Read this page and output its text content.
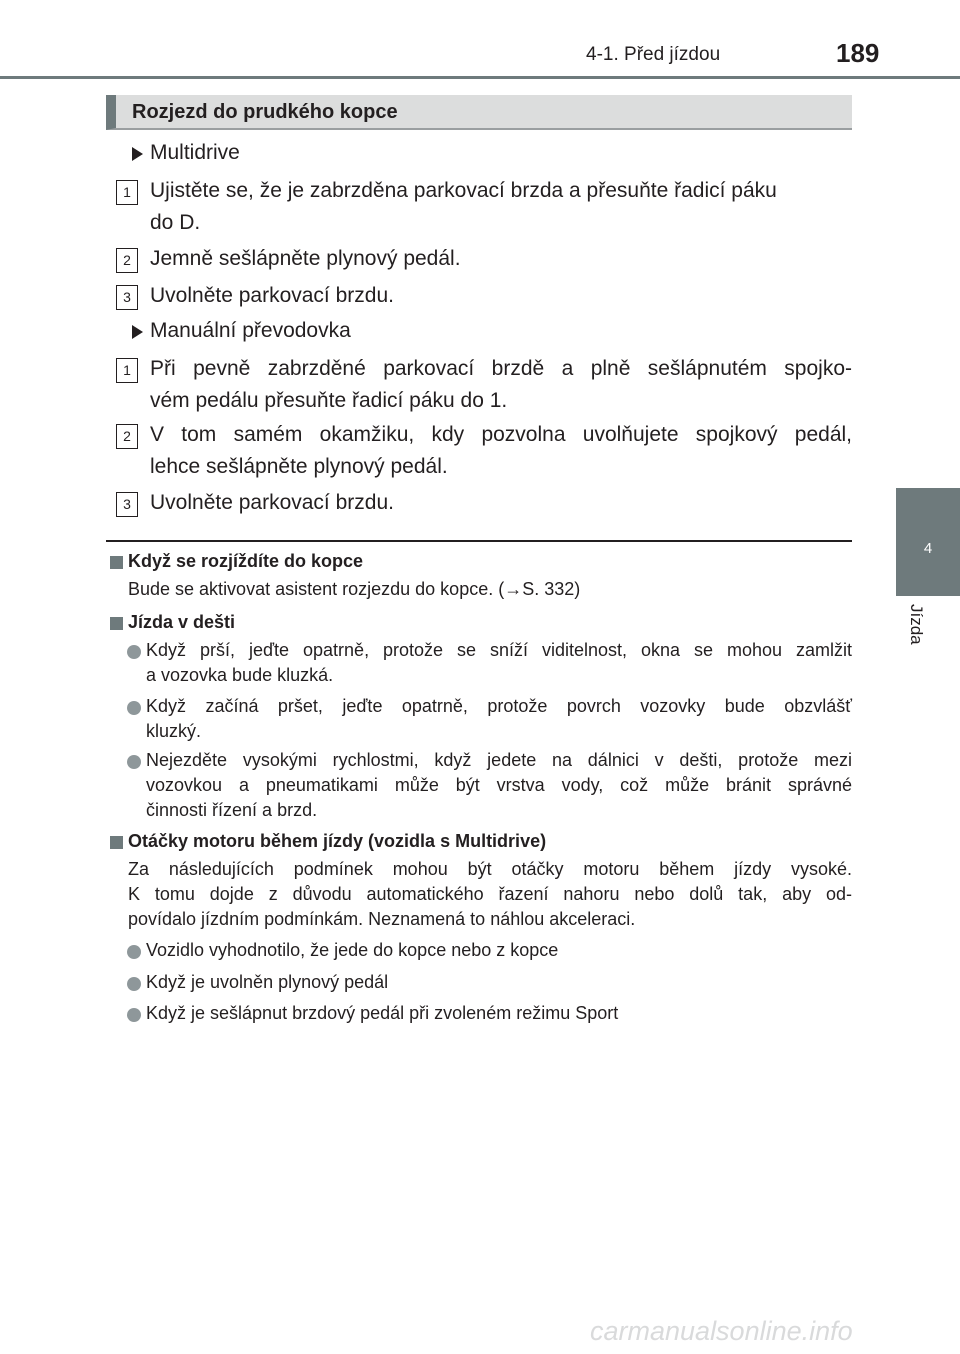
4-1. Před jízdou	189
4
Jízda
Rozjezd do prudkého kopce
Multidrive
1 Ujistěte se, že je zabrzděna parkovací brzda a přesuňte řadicí páku
do D.
2 Jemně sešlápněte plynový pedál.
3 Uvolněte parkovací brzdu.
Manuální převodovka
1 Při pevně zabrzděné parkovací brzdě a plně sešlápnutém spojko-
vém pedálu přesuňte řadicí páku do 1.
2 V tom samém okamžiku, kdy pozvolna uvolňujete spojkový pedál,
lehce sešlápněte plynový pedál.
3 Uvolněte parkovací brzdu.
Když se rozjíždíte do kopce
Bude se aktivovat asistent rozjezdu do kopce. (→S. 332)
Jízda v dešti
Když prší, jeďte opatrně, protože se sníží viditelnost, okna se mohou zamlžit
a vozovka bude kluzká.
Když začíná pršet, jeďte opatrně, protože povrch vozovky bude obzvlášť
kluzký.
Nejezděte vysokými rychlostmi, když jedete na dálnici v dešti, protože mezi
vozovkou a pneumatikami může být vrstva vody, což může bránit správné
činnosti řízení a brzd.
Otáčky motoru během jízdy (vozidla s Multidrive)
Za následujících podmínek mohou být otáčky motoru během jízdy vysoké.
K tomu dojde z důvodu automatického řazení nahoru nebo dolů tak, aby od-
povídalo jízdním podmínkám. Neznamená to náhlou akceleraci.
Vozidlo vyhodnotilo, že jede do kopce nebo z kopce
Když je uvolněn plynový pedál
Když je sešlápnut brzdový pedál při zvoleném režimu Sport
carmanualsonline.info
